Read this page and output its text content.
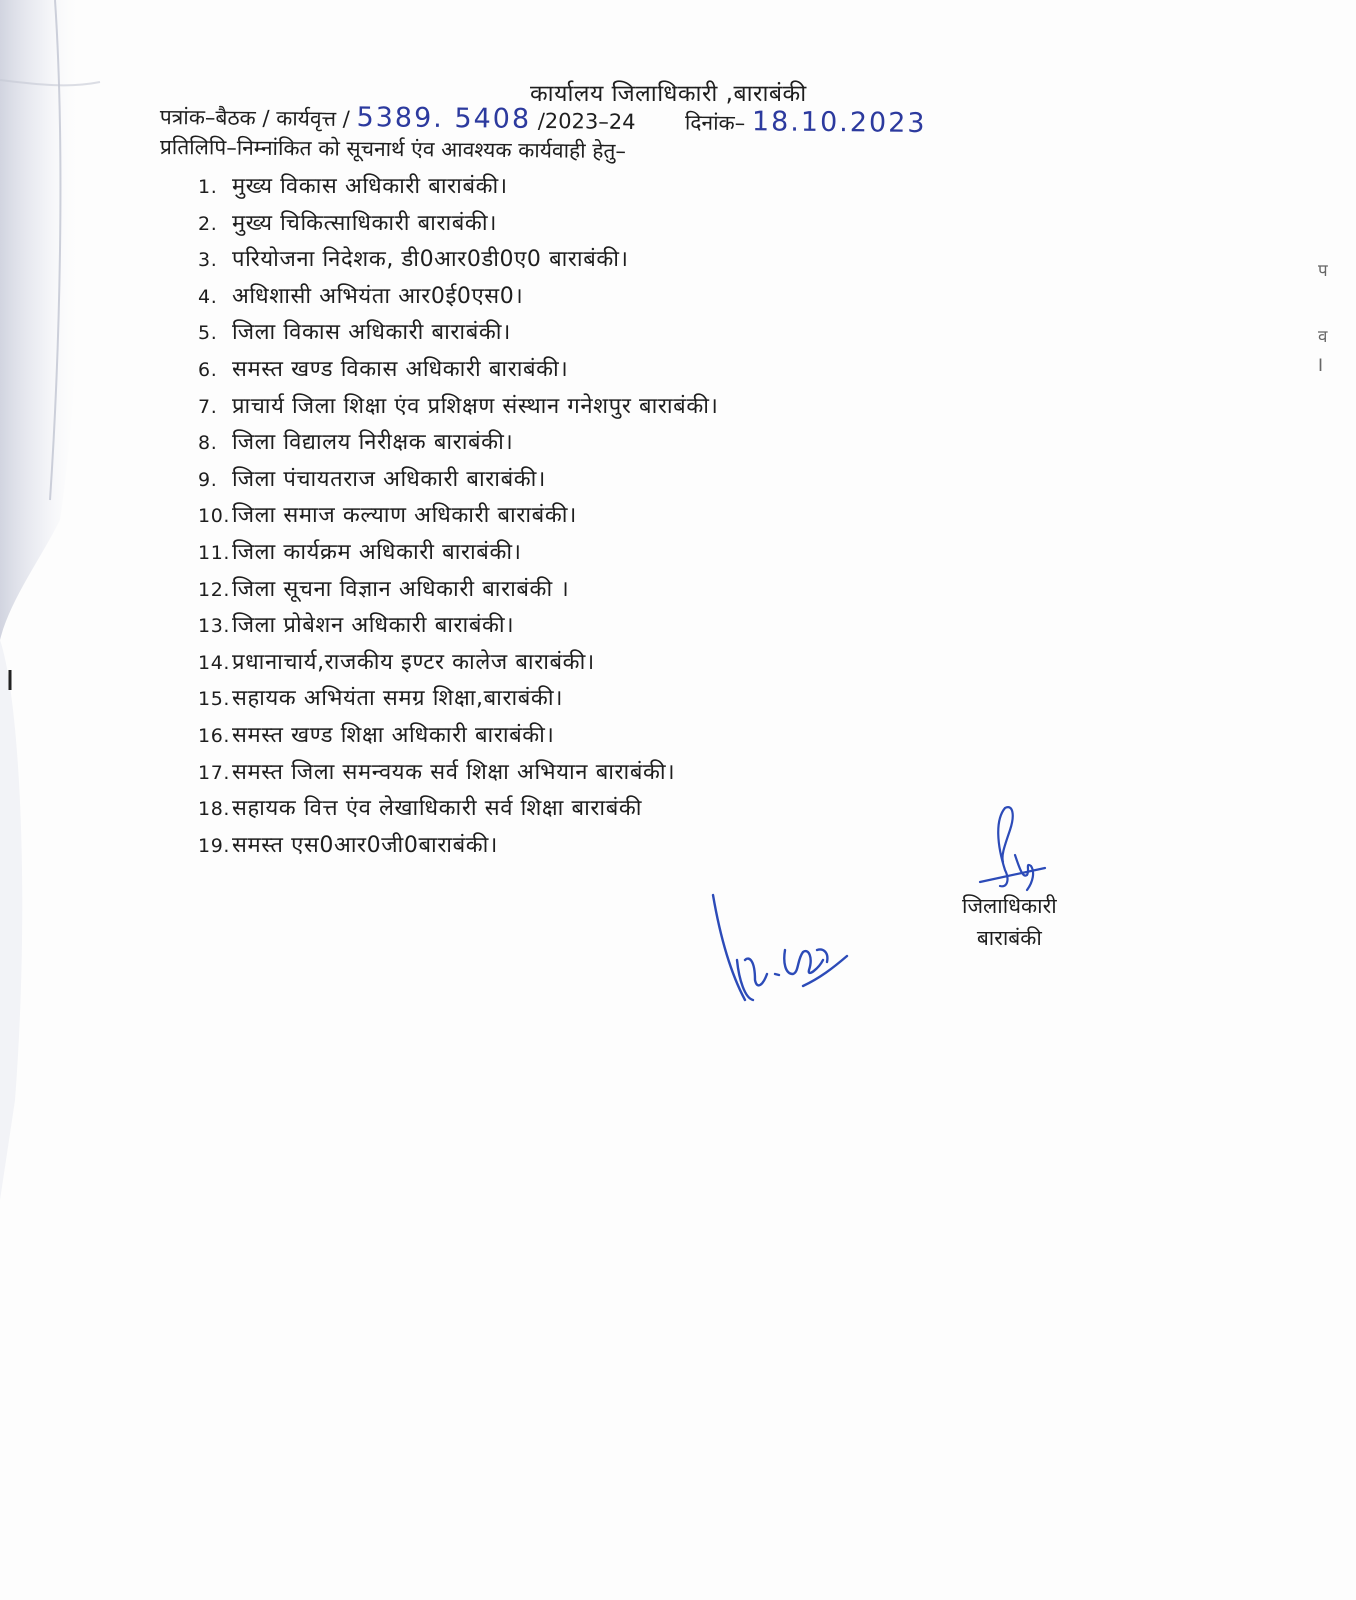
कार्यालय जिलाधिकारी ,बाराबंकी
पत्रांक–बैठक / कार्यवृत्त / 5389. 5408 /2023–24 दिनांक– 18.10.2023
प्रतिलिपि–निम्नांकित को सूचनार्थ एंव आवश्यक कार्यवाही हेतु–
1. मुख्य विकास अधिकारी बाराबंकी।
2. मुख्य चिकित्साधिकारी बाराबंकी।
3. परियोजना निदेशक, डी0आर0डी0ए0 बाराबंकी।
4. अधिशासी अभियंता आर0ई0एस0।
5. जिला विकास अधिकारी बाराबंकी।
6. समस्त खण्ड विकास अधिकारी बाराबंकी।
7. प्राचार्य जिला शिक्षा एंव प्रशिक्षण संस्थान गनेशपुर बाराबंकी।
8. जिला विद्यालय निरीक्षक बाराबंकी।
9. जिला पंचायतराज अधिकारी बाराबंकी।
10.जिला समाज कल्याण अधिकारी बाराबंकी।
11.जिला कार्यक्रम अधिकारी बाराबंकी।
12.जिला सूचना विज्ञान अधिकारी बाराबंकी ।
13.जिला प्रोबेशन अधिकारी बाराबंकी।
14.प्रधानाचार्य,राजकीय इण्टर कालेज बाराबंकी।
15.सहायक अभियंता समग्र शिक्षा,बाराबंकी।
16.समस्त खण्ड शिक्षा अधिकारी बाराबंकी।
17.समस्त जिला समन्वयक सर्व शिक्षा अभियान बाराबंकी।
18.सहायक वित्त एंव लेखाधिकारी सर्व शिक्षा बाराबंकी
19.समस्त एस0आर0जी0बाराबंकी।
प
व
I
जिलाधिकारी
बाराबंकी
